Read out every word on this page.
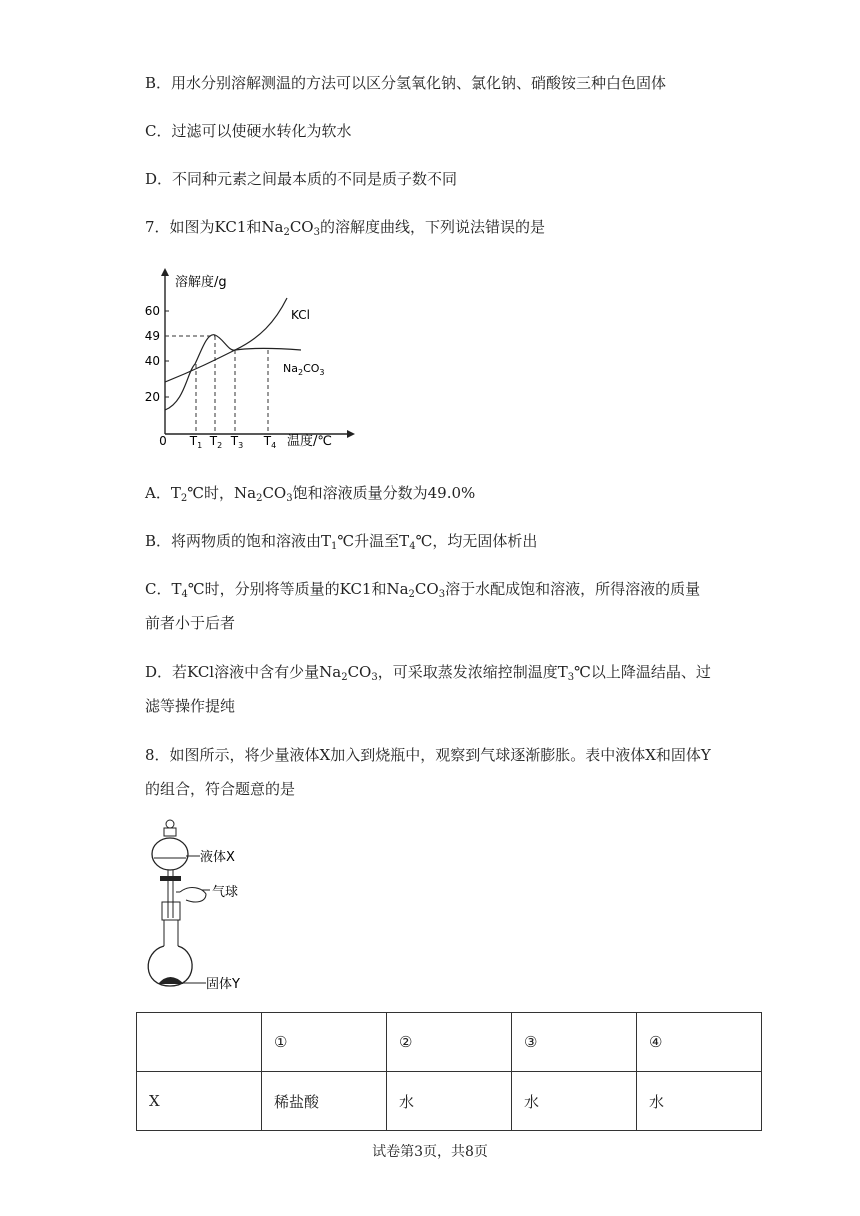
B．用水分别溶解测温的方法可以区分氢氧化钠、氯化钠、硝酸铵三种白色固体
C．过滤可以使硬水转化为软水
D．不同种元素之间最本质的不同是质子数不同
7．如图为KC1和$Na_2CO_3$的溶解度曲线，下列说法错误的是
溶解度/g
温度/℃
0
60
49
40
20
KCl
$Na_2CO_3$
$T_1$ $T_2$ $T_3$ $T_4$
A．$T_2℃$时，$Na_2CO_3$饱和溶液质量分数为49.0%
B．将两物质的饱和溶液由$T_1℃$升温至$T_4℃$，均无固体析出
C．$T_4℃$时，分别将等质量的KC1和$Na_2CO_3$溶于水配成饱和溶液，所得溶液的质量前者小于后者
D．若KCl溶液中含有少量$Na_2CO_3$，可采取蒸发浓缩控制温度$T_3℃$以上降温结晶、过滤等操作提纯
8．如图所示，将少量液体X加入到烧瓶中，观察到气球逐渐膨胀。表中液体X和固体Y的组合，符合题意的是
液体X
气球
固体Y
	①	②	③	④
X	稀盐酸	水	水	水
试卷第3页，共8页
